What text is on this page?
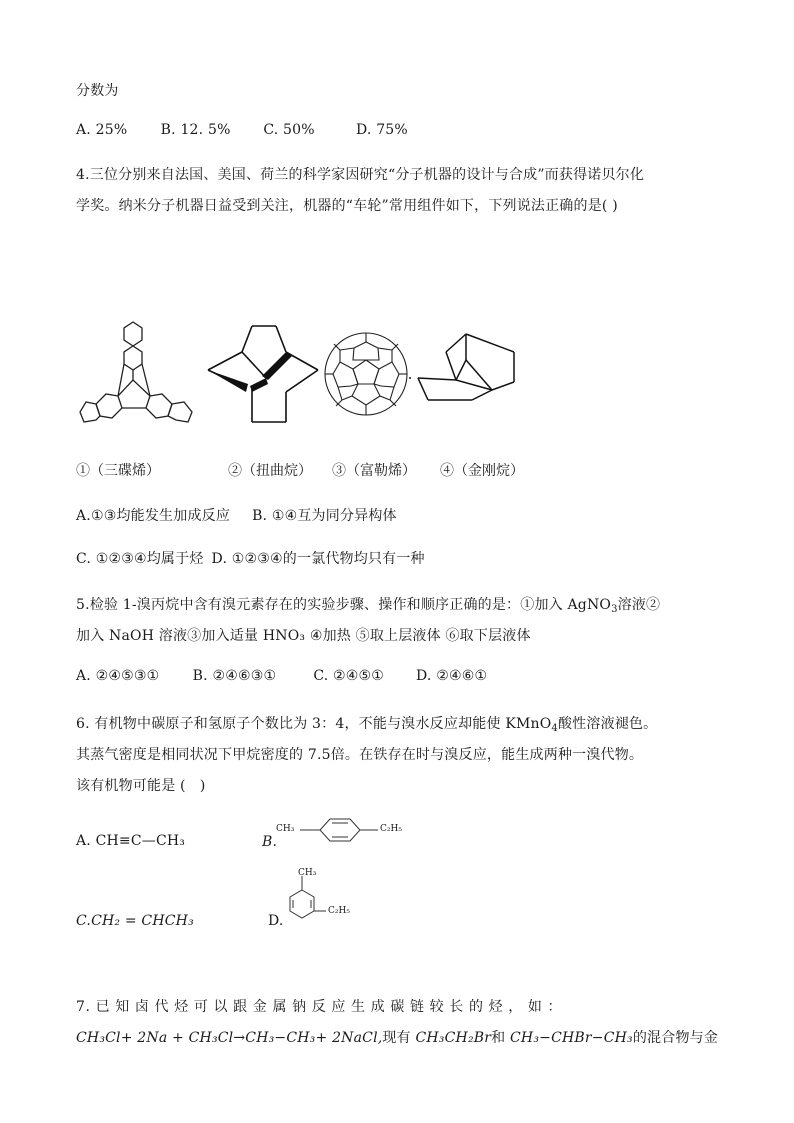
分数为
A. 25% B. 12. 5% C. 50%	D. 75%
4.三位分别来自法国、美国、荷兰的科学家因研究“分子机器的设计与合成”而获得诺贝尔化
学奖。纳米分子机器日益受到关注，机器的“车轮”常用组件如下，下列说法正确的是( )
①（三碟烯）	②（扭曲烷） ③（富勒烯） ④（金刚烷）
A.①③均能发生加成反应 B. ①④互为同分异构体
C. ①②③④均属于烃 D. ①②③④的一氯代物均只有一种
5.检验 1-溴丙烷中含有溴元素存在的实验步骤、操作和顺序正确的是：①加入 AgNO$_3$溶液②
加入 NaOH 溶液③加入适量 HNO₃ ④加热 ⑤取上层液体 ⑥取下层液体
A. ②④⑤③① B. ②④⑥③①	C. ②④⑤① D. ②④⑥①
6. 有机物中碳原子和氢原子个数比为 3：4，不能与溴水反应却能使 KMnO$_4$酸性溶液褪色。
其蒸气密度是相同状况下甲烷密度的 7.5倍。在铁存在时与溴反应，能生成两种一溴代物。
该有机物可能是 (　)
A. CH≡C—CH₃	B.
CH₃	C₂H₅
C.CH₂ = CHCH₃	D.
CH₃
C₂H₅
7. 已 知 卤 代 烃 可 以 跟 金 属 钠 反 应 生 成 碳 链 较 长 的 烃 ， 如 ：
CH₃Cl+ 2Na + CH₃Cl→CH₃−CH₃+ 2NaCl,现有 CH₃CH₂Br和 CH₃−CHBr−CH₃的混合物与金
